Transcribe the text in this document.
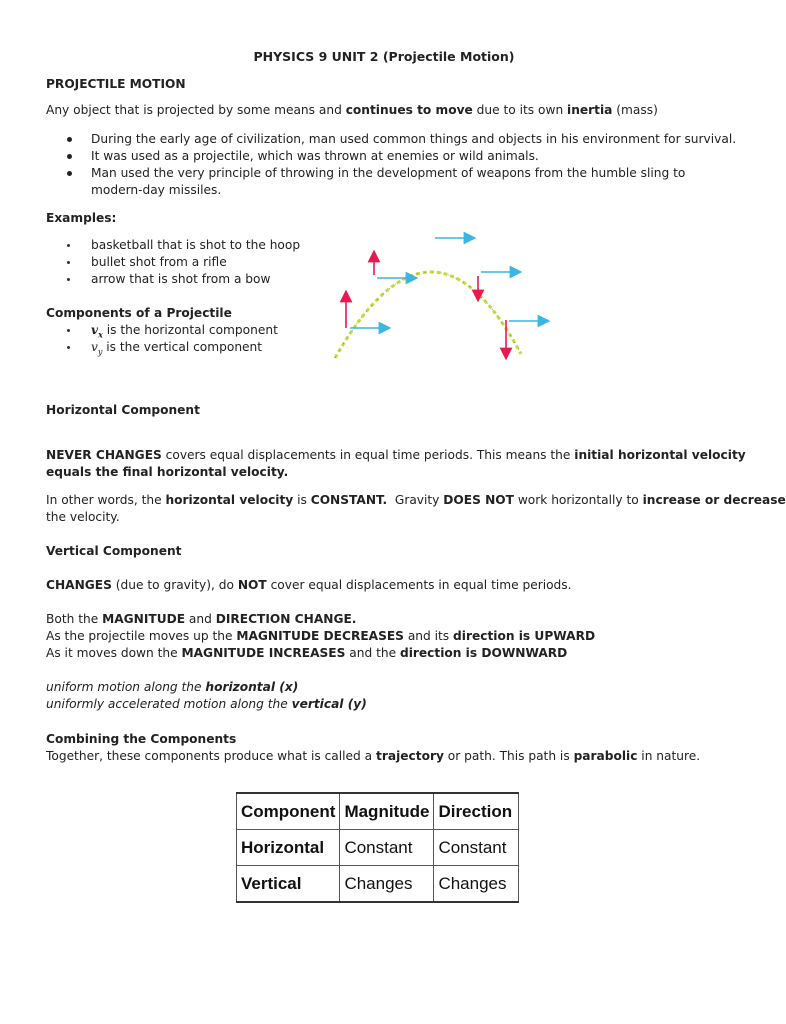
PHYSICS 9 UNIT 2 (Projectile Motion)
PROJECTILE MOTION
Any object that is projected by some means and continues to move due to its own inertia (mass)
During the early age of civilization, man used common things and objects in his environment for survival.
It was used as a projectile, which was thrown at enemies or wild animals.
Man used the very principle of throwing in the development of weapons from the humble sling to
modern-day missiles.
Examples:
basketball that is shot to the hoop
bullet shot from a rifle
arrow that is shot from a bow
Components of a Projectile
$v_x$ is the horizontal component
$v_y$ is the vertical component
Horizontal Component
NEVER CHANGES covers equal displacements in equal time periods. This means the initial horizontal velocity
equals the final horizontal velocity.
In other words, the horizontal velocity is CONSTANT.  Gravity DOES NOT work horizontally to increase or decrease
the velocity.
Vertical Component
CHANGES (due to gravity), do NOT cover equal displacements in equal time periods.
Both the MAGNITUDE and DIRECTION CHANGE.
As the projectile moves up the MAGNITUDE DECREASES and its direction is UPWARD
As it moves down the MAGNITUDE INCREASES and the direction is DOWNWARD
uniform motion along the horizontal (x)
uniformly accelerated motion along the vertical (y)
Combining the Components
Together, these components produce what is called a trajectory or path. This path is parabolic in nature.
Component	Magnitude	Direction
Horizontal	Constant	Constant
Vertical	Changes	Changes
